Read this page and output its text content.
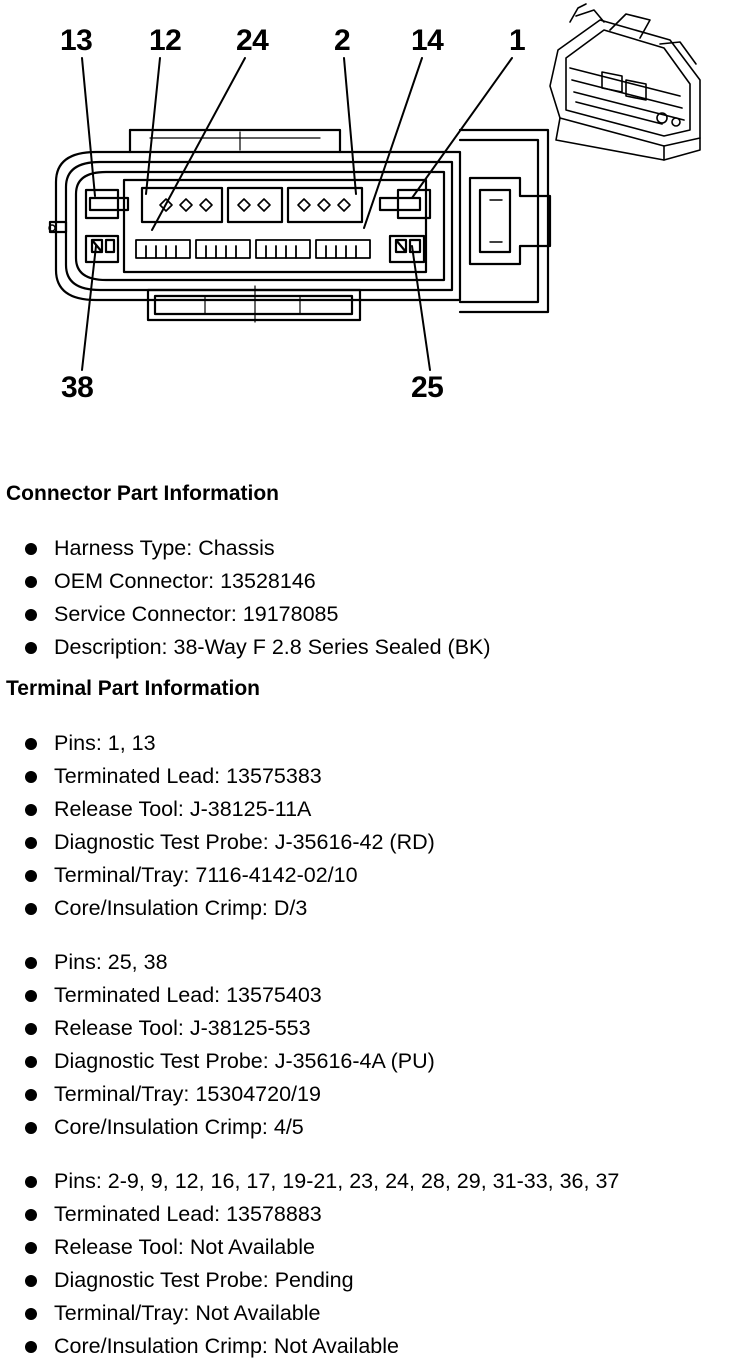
13 12 24 2 14 1
38	25
Connector Part Information
Harness Type: Chassis
OEM Connector: 13528146
Service Connector: 19178085
Description: 38-Way F 2.8 Series Sealed (BK)
Terminal Part Information
Pins: 1, 13
Terminated Lead: 13575383
Release Tool: J-38125-11A
Diagnostic Test Probe: J-35616-42 (RD)
Terminal/Tray: 7116-4142-02/10
Core/Insulation Crimp: D/3
Pins: 25, 38
Terminated Lead: 13575403
Release Tool: J-38125-553
Diagnostic Test Probe: J-35616-4A (PU)
Terminal/Tray: 15304720/19
Core/Insulation Crimp: 4/5
Pins: 2-9, 9, 12, 16, 17, 19-21, 23, 24, 28, 29, 31-33, 36, 37
Terminated Lead: 13578883
Release Tool: Not Available
Diagnostic Test Probe: Pending
Terminal/Tray: Not Available
Core/Insulation Crimp: Not Available
